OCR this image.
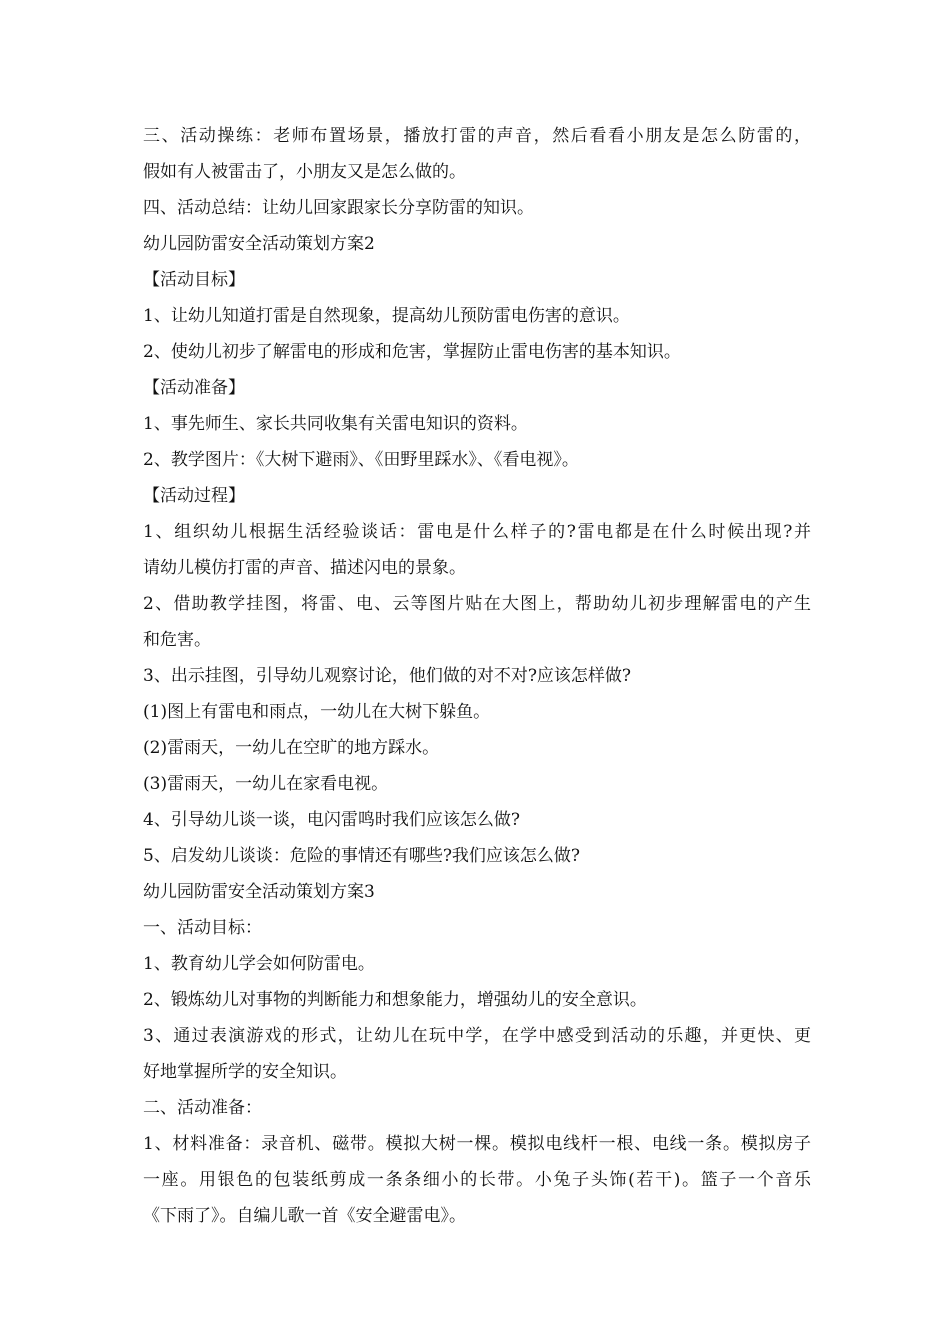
三、活动操练：老师布置场景，播放打雷的声音，然后看看小朋友是怎么防雷的，
假如有人被雷击了，小朋友又是怎么做的。
四、活动总结：让幼儿回家跟家长分享防雷的知识。
幼儿园防雷安全活动策划方案2
【活动目标】
1、让幼儿知道打雷是自然现象，提高幼儿预防雷电伤害的意识。
2、使幼儿初步了解雷电的形成和危害，掌握防止雷电伤害的基本知识。
【活动准备】
1、事先师生、家长共同收集有关雷电知识的资料。
2、教学图片：《大树下避雨》、《田野里踩水》、《看电视》。
【活动过程】
1、组织幼儿根据生活经验谈话：雷电是什么样子的?雷电都是在什么时候出现?并
请幼儿模仿打雷的声音、描述闪电的景象。
2、借助教学挂图，将雷、电、云等图片贴在大图上，帮助幼儿初步理解雷电的产生
和危害。
3、出示挂图，引导幼儿观察讨论，他们做的对不对?应该怎样做?
(1)图上有雷电和雨点，一幼儿在大树下躲鱼。
(2)雷雨天，一幼儿在空旷的地方踩水。
(3)雷雨天，一幼儿在家看电视。
4、引导幼儿谈一谈，电闪雷鸣时我们应该怎么做?
5、启发幼儿谈谈：危险的事情还有哪些?我们应该怎么做?
幼儿园防雷安全活动策划方案3
一、活动目标：
1、教育幼儿学会如何防雷电。
2、锻炼幼儿对事物的判断能力和想象能力，增强幼儿的安全意识。
3、通过表演游戏的形式，让幼儿在玩中学，在学中感受到活动的乐趣，并更快、更
好地掌握所学的安全知识。
二、活动准备：
1、材料准备：录音机、磁带。模拟大树一棵。模拟电线杆一根、电线一条。模拟房子
一座。用银色的包装纸剪成一条条细小的长带。小兔子头饰(若干)。篮子一个音乐
《下雨了》。自编儿歌一首《安全避雷电》。
